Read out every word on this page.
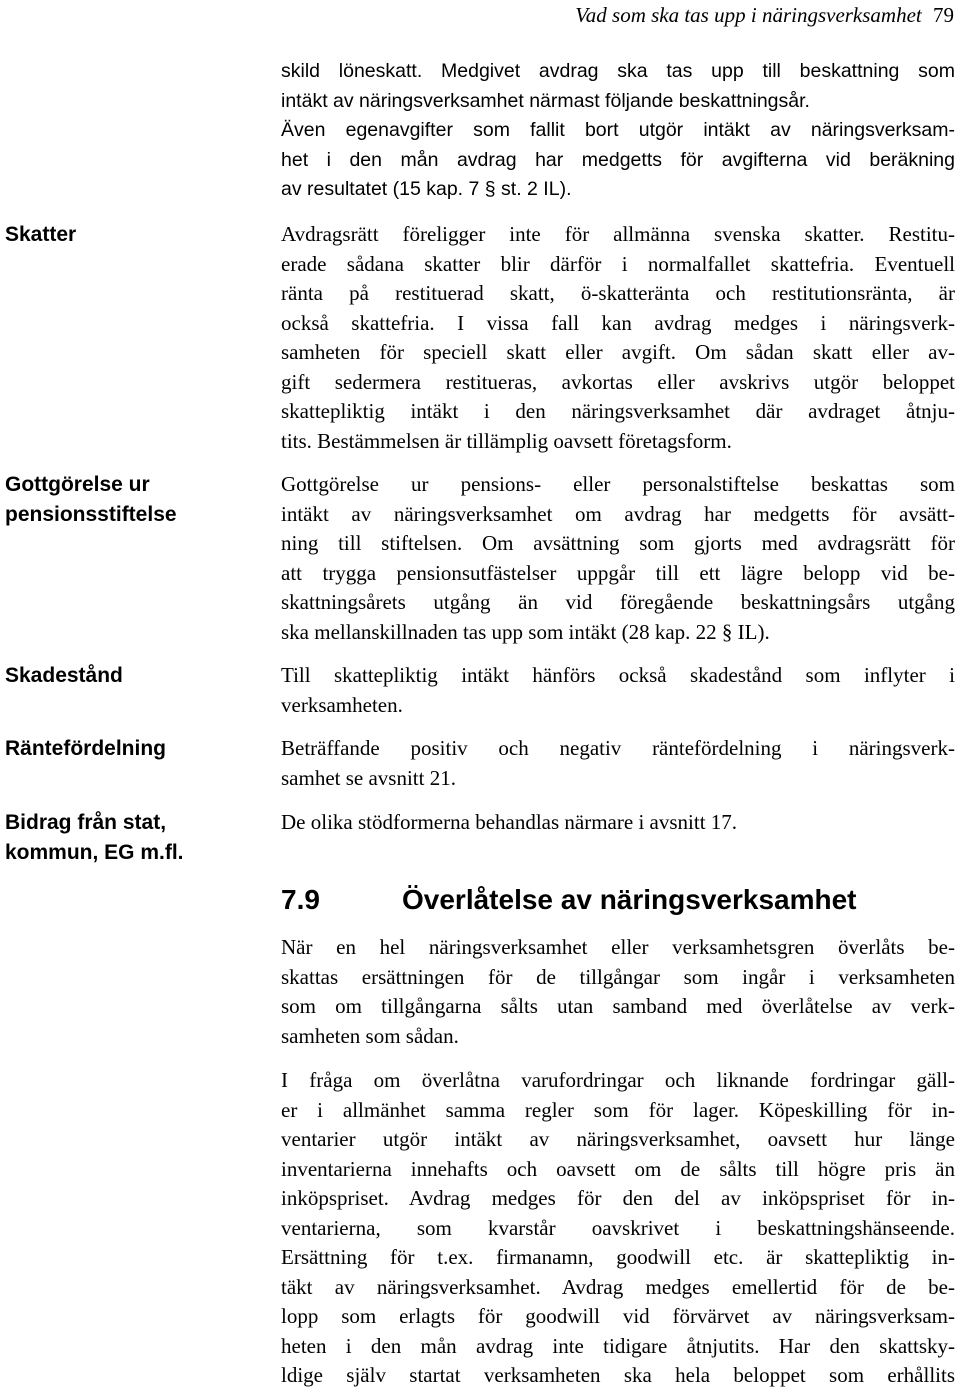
Vad som ska tas upp i näringsverksamhet 79

Skatter

Gottgörelse ur pensionsstiftelse

Skadestånd

Räntefördelning

Bidrag från stat, kommun, EG m.fl.

skild löneskatt. Medgivet avdrag ska tas upp till beskattning som
intäkt av näringsverksamhet närmast följande beskattningsår.
Även egenavgifter som fallit bort utgör intäkt av näringsverksam-
het i den mån avdrag har medgetts för avgifterna vid beräkning
av resultatet (15 kap. 7 § st. 2 IL).
Avdragsrätt föreligger inte för allmänna svenska skatter. Restitu-
erade sådana skatter blir därför i normalfallet skattefria. Eventuell
ränta på restituerad skatt, ö-skatteränta och restitutionsränta, är
också skattefria. I vissa fall kan avdrag medges i näringsverk-
samheten för speciell skatt eller avgift. Om sådan skatt eller av-
gift sedermera restitueras, avkortas eller avskrivs utgör beloppet
skattepliktig intäkt i den näringsverksamhet där avdraget åtnju-
tits. Bestämmelsen är tillämplig oavsett företagsform.
Gottgörelse ur pensions- eller personalstiftelse beskattas som
intäkt av näringsverksamhet om avdrag har medgetts för avsätt-
ning till stiftelsen. Om avsättning som gjorts med avdragsrätt för
att trygga pensionsutfästelser uppgår till ett lägre belopp vid be-
skattningsårets utgång än vid föregående beskattningsårs utgång
ska mellanskillnaden tas upp som intäkt (28 kap. 22 § IL).
Till skattepliktig intäkt hänförs också skadestånd som inflyter i
verksamheten.
Beträffande positiv och negativ räntefördelning i näringsverk-
samhet se avsnitt 21.
De olika stödformerna behandlas närmare i avsnitt 17.
7.9	Överlåtelse av näringsverksamhet
När en hel näringsverksamhet eller verksamhetsgren överlåts be-
skattas ersättningen för de tillgångar som ingår i verksamheten
som om tillgångarna sålts utan samband med överlåtelse av verk-
samheten som sådan.
I fråga om överlåtna varufordringar och liknande fordringar gäll-
er i allmänhet samma regler som för lager. Köpeskilling för in-
ventarier utgör intäkt av näringsverksamhet, oavsett hur länge
inventarierna innehafts och oavsett om de sålts till högre pris än
inköpspriset. Avdrag medges för den del av inköpspriset för in-
ventarierna, som kvarstår oavskrivet i beskattningshänseende.
Ersättning för t.ex. firmanamn, goodwill etc. är skattepliktig in-
täkt av näringsverksamhet. Avdrag medges emellertid för de be-
lopp som erlagts för goodwill vid förvärvet av näringsverksam-
heten i den mån avdrag inte tidigare åtnjutits. Har den skattsky-
ldige själv startat verksamheten ska hela beloppet som erhållits
